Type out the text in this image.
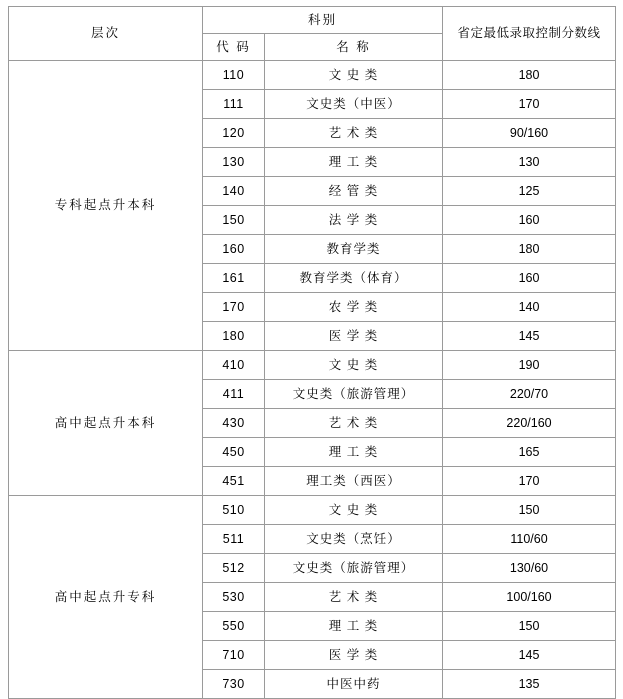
层次	科别		省定最低录取控制分数线
	代 码	名 称	
专科起点升本科	110	文 史 类	180
	111	文史类（中医）	170
	120	艺 术 类	90/160
	130	理 工 类	130
	140	经 管 类	125
	150	法 学 类	160
	160	教育学类	180
	161	教育学类（体育）	160
	170	农 学 类	140
	180	医 学 类	145
高中起点升本科	410	文 史 类	190
	411	文史类（旅游管理）	220/70
	430	艺 术 类	220/160
	450	理 工 类	165
	451	理工类（西医）	170
高中起点升专科	510	文 史 类	150
	511	文史类（烹饪）	110/60
	512	文史类（旅游管理）	130/60
	530	艺 术 类	100/160
	550	理 工 类	150
	710	医 学 类	145
	730	中医中药	135
